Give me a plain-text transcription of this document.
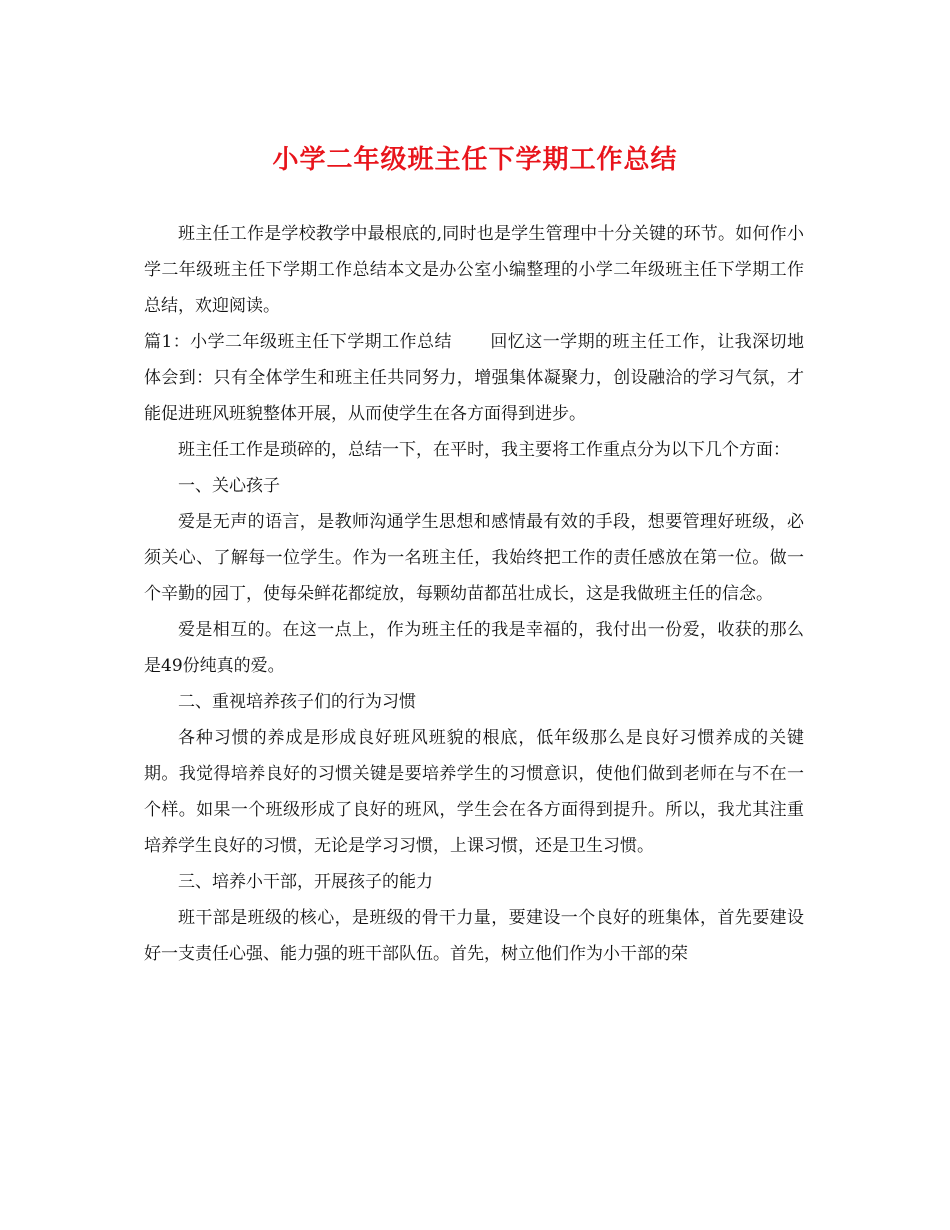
小学二年级班主任下学期工作总结

班主任工作是学校教学中最根底的,同时也是学生管理中十分关键的环节。如何作小学二年级班主任下学期工作总结本文是办公室小编整理的小学二年级班主任下学期工作总结，欢迎阅读。

篇1：小学二年级班主任下学期工作总结 回忆这一学期的班主任工作，让我深切地体会到：只有全体学生和班主任共同努力，增强集体凝聚力，创设融洽的学习气氛，才能促进班风班貌整体开展，从而使学生在各方面得到进步。

班主任工作是琐碎的，总结一下，在平时，我主要将工作重点分为以下几个方面：

一、关心孩子

爱是无声的语言，是教师沟通学生思想和感情最有效的手段，想要管理好班级，必须关心、了解每一位学生。作为一名班主任，我始终把工作的责任感放在第一位。做一个辛勤的园丁，使每朵鲜花都绽放，每颗幼苗都茁壮成长，这是我做班主任的信念。

爱是相互的。在这一点上，作为班主任的我是幸福的，我付出一份爱，收获的那么是49份纯真的爱。

二、重视培养孩子们的行为习惯

各种习惯的养成是形成良好班风班貌的根底，低年级那么是良好习惯养成的关键期。我觉得培养良好的习惯关键是要培养学生的习惯意识，使他们做到老师在与不在一个样。如果一个班级形成了良好的班风，学生会在各方面得到提升。所以，我尤其注重培养学生良好的习惯，无论是学习习惯，上课习惯，还是卫生习惯。

三、培养小干部，开展孩子的能力

班干部是班级的核心，是班级的骨干力量，要建设一个良好的班集体，首先要建设好一支责任心强、能力强的班干部队伍。首先，树立他们作为小干部的荣
